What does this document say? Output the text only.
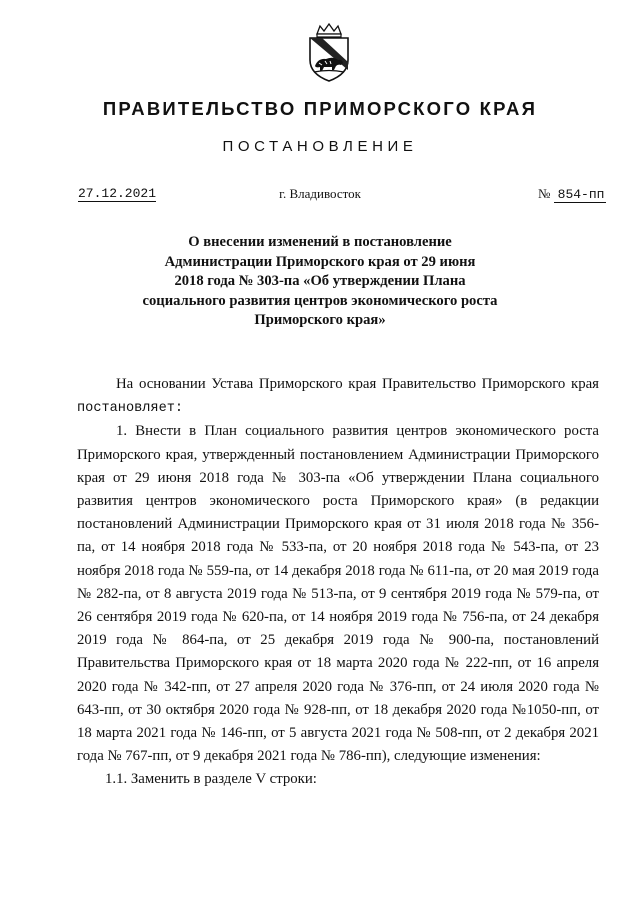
ПРАВИТЕЛЬСТВО ПРИМОРСКОГО КРАЯ
ПОСТАНОВЛЕНИЕ
27.12.2021	г. Владивосток	№ 854-пп
О внесении изменений в постановление
Администрации Приморского края от 29 июня
2018 года № 303-па «Об утверждении Плана
социального развития центров экономического роста
Приморского края»

На основании Устава Приморского края Правительство Приморского края постановляет:

1. Внести в План социального развития центров экономического роста Приморского края, утвержденный постановлением Администрации Приморского края от 29 июня 2018 года № 303-па «Об утверждении Плана социального развития центров экономического роста Приморского края» (в редакции постановлений Администрации Приморского края от 31 июля 2018 года № 356-па, от 14 ноября 2018 года № 533-па, от 20 ноября 2018 года № 543-па, от 23 ноября 2018 года № 559-па, от 14 декабря 2018 года № 611-па, от 20 мая 2019 года № 282-па, от 8 августа 2019 года № 513-па, от 9 сентября 2019 года № 579-па, от 26 сентября 2019 года № 620-па, от 14 ноября 2019 года № 756-па, от 24 декабря 2019 года № 864-па, от 25 декабря 2019 года № 900-па, постановлений Правительства Приморского края от 18 марта 2020 года № 222-пп, от 16 апреля 2020 года № 342-пп, от 27 апреля 2020 года № 376-пп, от 24 июля 2020 года № 643-пп, от 30 октября 2020 года № 928-пп, от 18 декабря 2020 года №1050-пп, от 18 марта 2021 года № 146-пп, от 5 августа 2021 года № 508-пп, от 2 декабря 2021 года № 767-пп, от 9 декабря 2021 года № 786-пп), следующие изменения:

1.1. Заменить в разделе V строки:
